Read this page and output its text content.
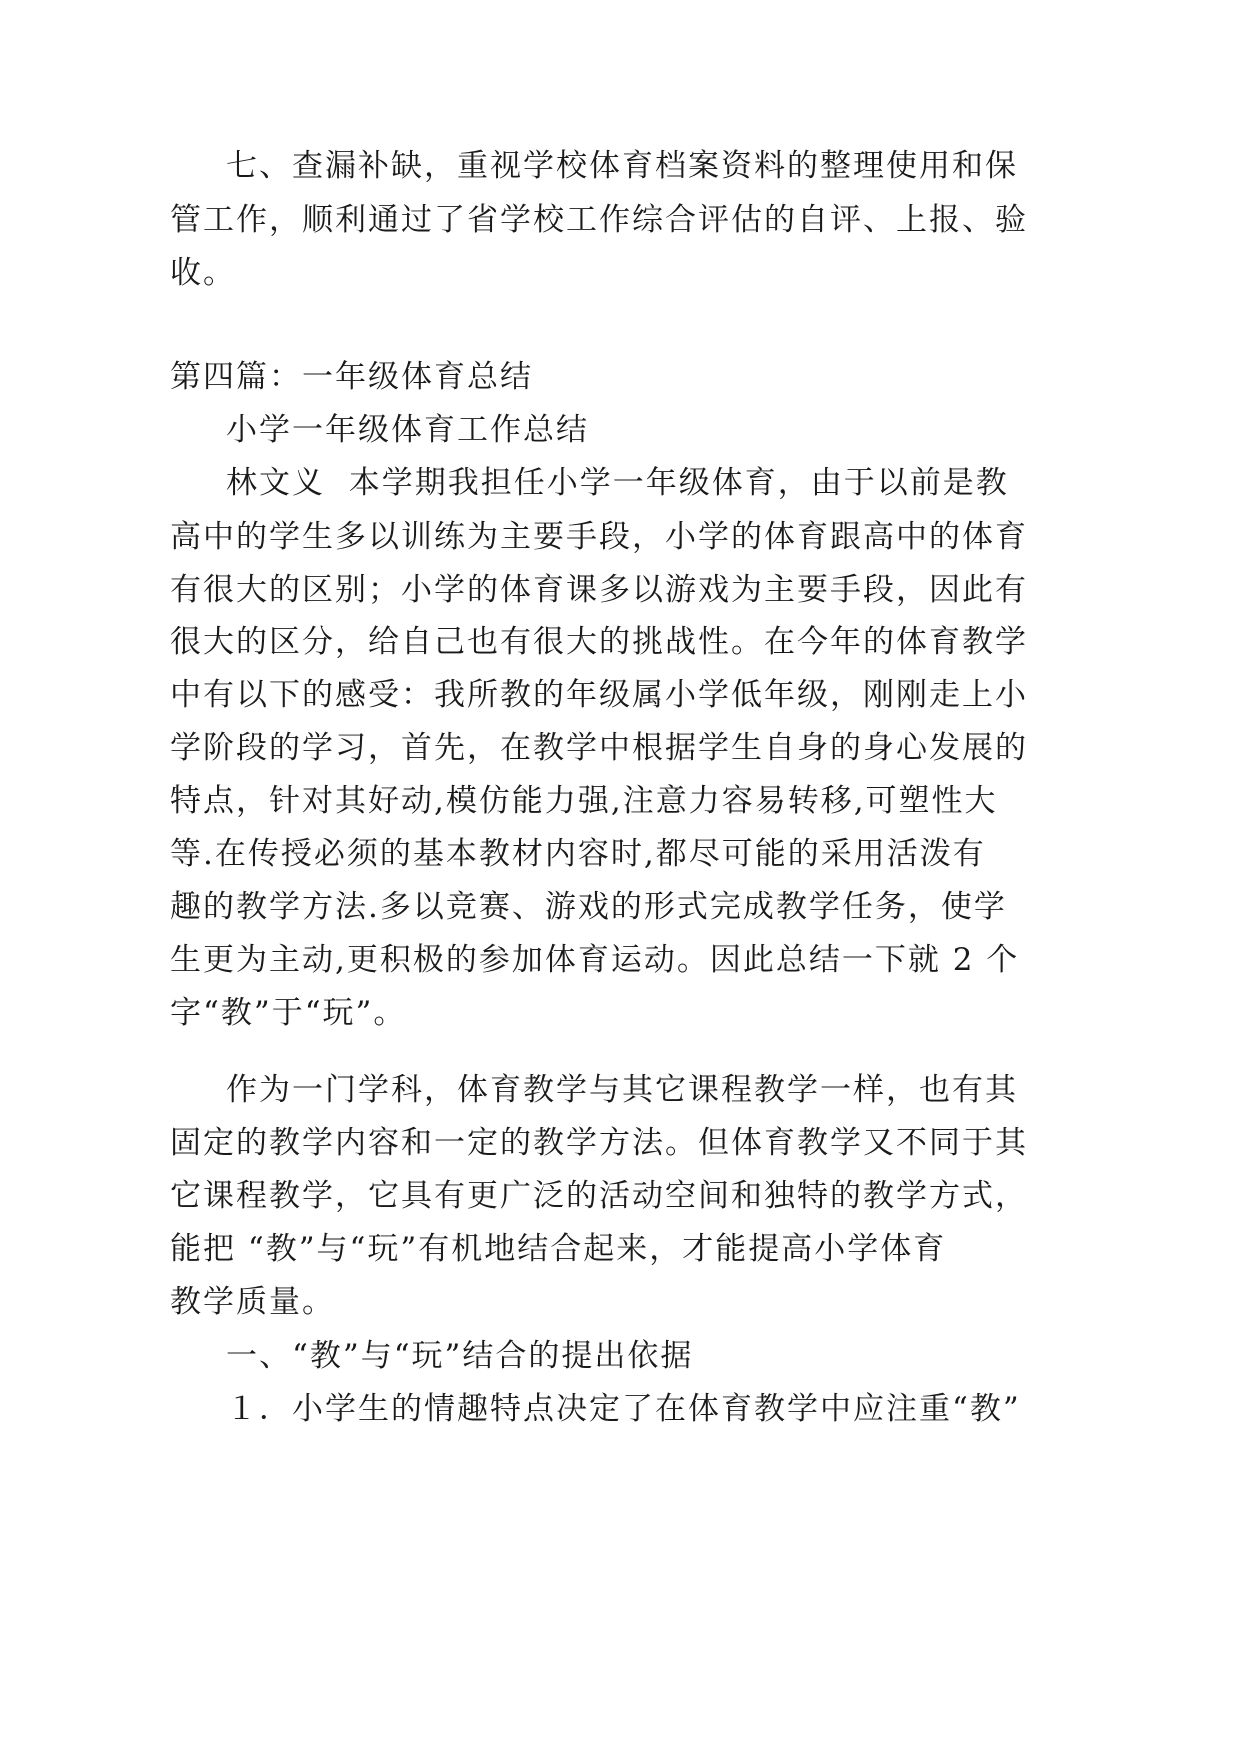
七、查漏补缺，重视学校体育档案资料的整理使用和保
管工作，顺利通过了省学校工作综合评估的自评、上报、验
收。
第四篇：一年级体育总结
小学一年级体育工作总结
林文义  本学期我担任小学一年级体育，由于以前是教
高中的学生多以训练为主要手段，小学的体育跟高中的体育
有很大的区别；小学的体育课多以游戏为主要手段，因此有
很大的区分，给自己也有很大的挑战性。在今年的体育教学
中有以下的感受：我所教的年级属小学低年级，刚刚走上小
学阶段的学习，首先，在教学中根据学生自身的身心发展的
特点，针对其好动,模仿能力强,注意力容易转移,可塑性大
等.在传授必须的基本教材内容时,都尽可能的采用活泼有
趣的教学方法.多以竞赛、游戏的形式完成教学任务，使学
生更为主动,更积极的参加体育运动。因此总结一下就 2 个
字“教”于“玩”。
作为一门学科，体育教学与其它课程教学一样，也有其
固定的教学内容和一定的教学方法。但体育教学又不同于其
它课程教学，它具有更广泛的活动空间和独特的教学方式，
能把 “教”与“玩”有机地结合起来，才能提高小学体育
教学质量。
一、“教”与“玩”结合的提出依据
１．小学生的情趣特点决定了在体育教学中应注重“教”
